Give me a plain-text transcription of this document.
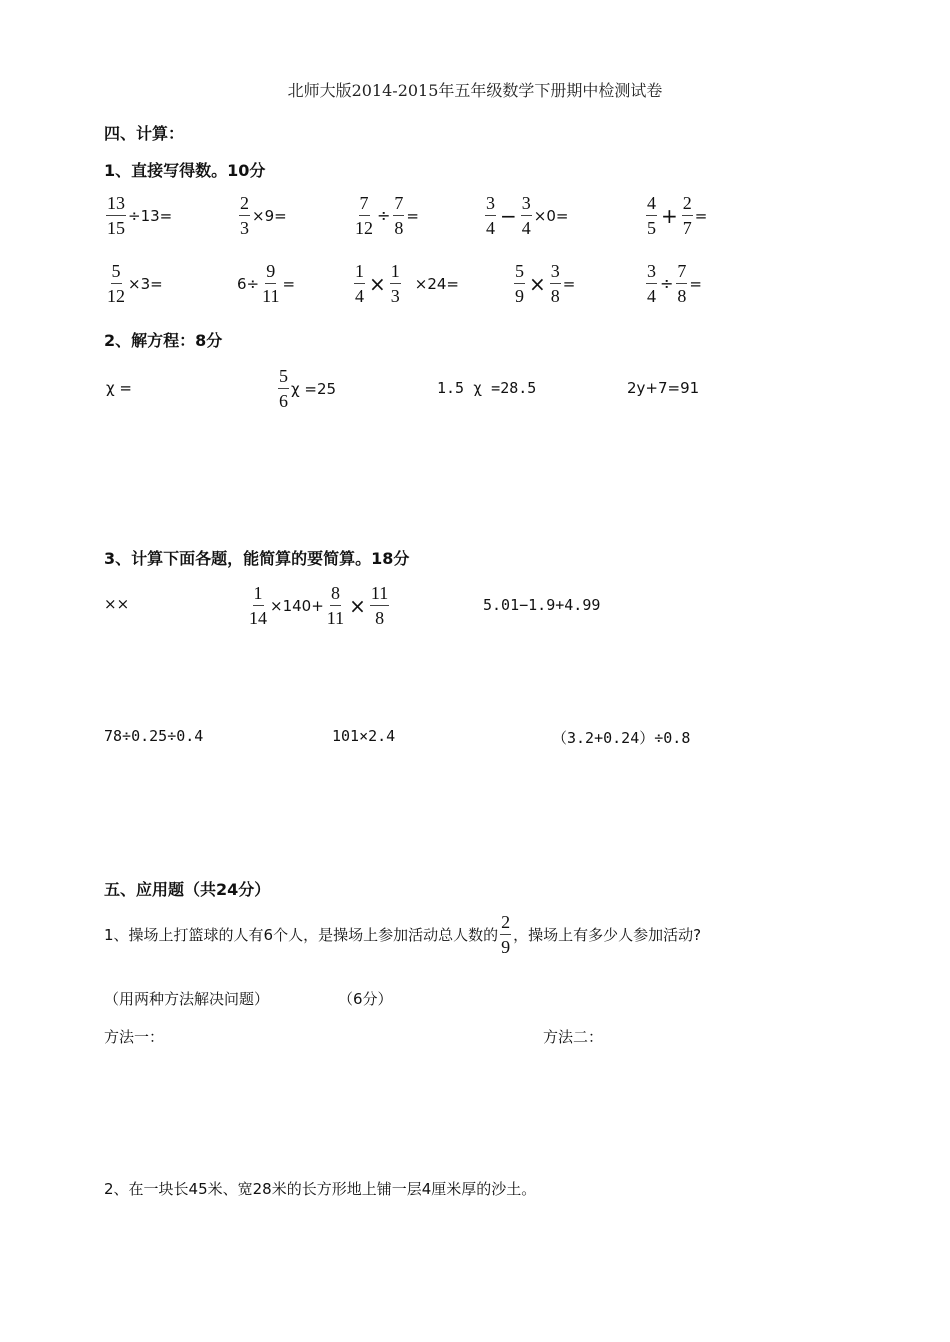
北师大版2014-2015年五年级数学下册期中检测试卷
四、计算：
1、直接写得数。10分
$\frac{13}{15} \div 13=$	$\frac{2}{3} \times 9=$	$\frac{7}{12} \div \frac{7}{8}$ =	$\frac{3}{4} - \frac{3}{4} \times 0=$	$\frac{4}{5} + \frac{2}{7}$ =
$\frac{5}{12} \times 3=$	$6\div \frac{9}{11}$ =	$\frac{1}{4} \times \frac{1}{3} \times 24=$	$\frac{5}{9} \times \frac{3}{8}$ =	$\frac{3}{4} \div \frac{7}{8}$ =
2、解方程：8分
χ =	$\frac{5}{6}$ χ =25	1.5 χ =28.5	2y+7=91
3、计算下面各题，能简算的要简算。18分
××	$\frac{1}{14} \times 140+ \frac{8}{11} \times \frac{11}{8}$	5.01−1.9+4.99
78÷0.25÷0.4	101×2.4	（3.2+0.24）÷0.8
五、应用题（共24分）
1、操场上打篮球的人有6个人，是操场上参加活动总人数的 $\frac{2}{9}$ ，操场上有多少人参加活动?
（用两种方法解决问题）	（6分）
方法一：	方法二：
2、在一块长45米、宽28米的长方形地上铺一层4厘米厚的沙土。
